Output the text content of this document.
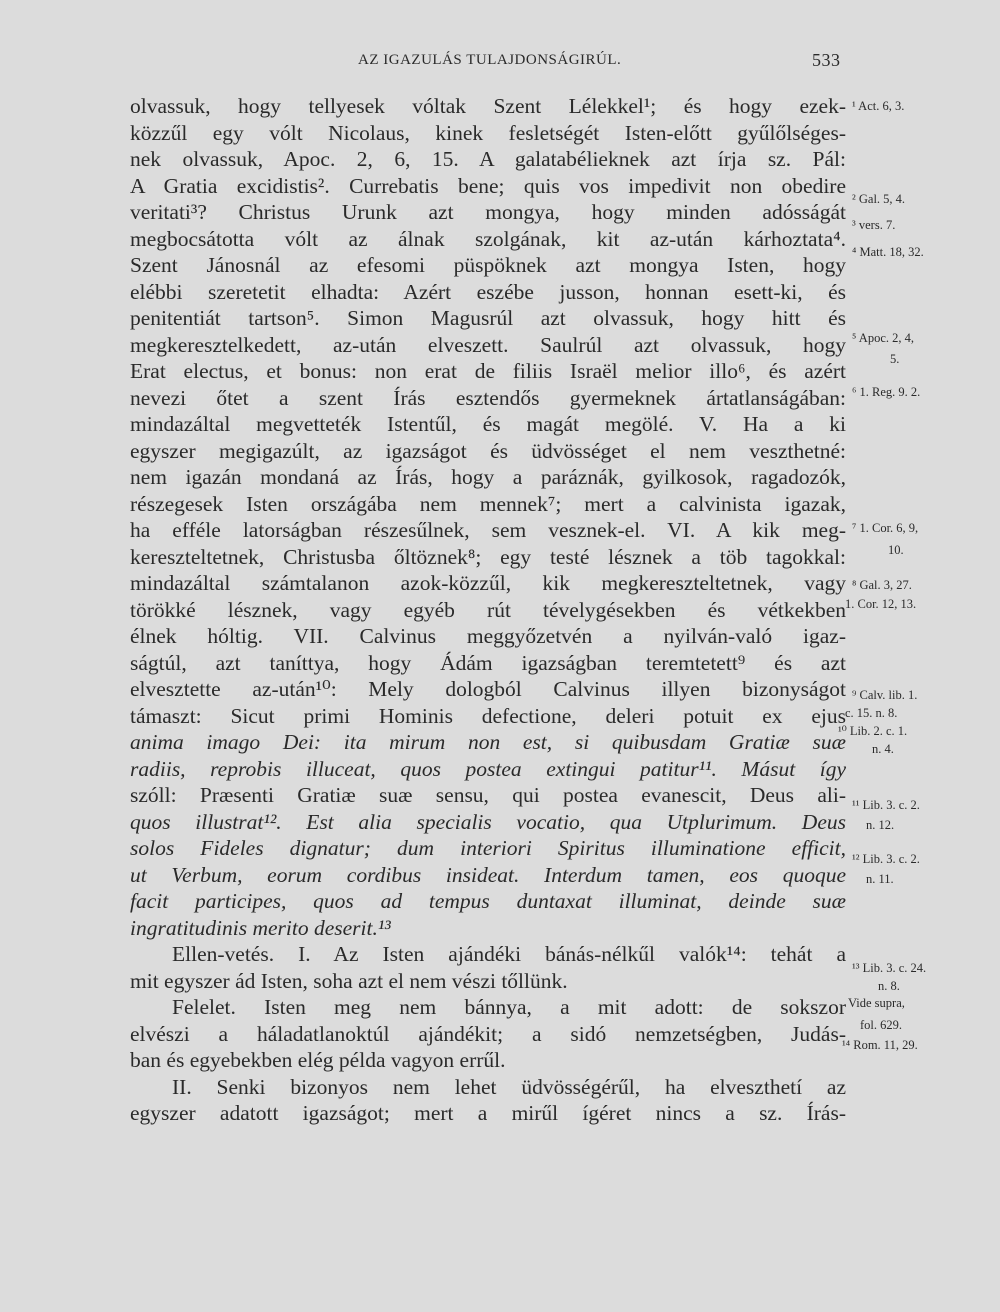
AZ IGAZULÁS TULAJDONSÁGIRÚL.	533
olvassuk, hogy tellyesek vóltak Szent Lélekkel¹; és hogy ezek-
közzűl egy vólt Nicolaus, kinek fesletségét Isten-előtt gyűlőlséges-
nek olvassuk, Apoc. 2, 6, 15. A galatabélieknek azt írja sz. Pál:
A Gratia excidistis². Currebatis bene; quis vos impedivit non obedire
veritati³? Christus Urunk azt mongya, hogy minden adósságát
megbocsátotta vólt az álnak szolgának, kit az-után kárhoztata⁴.
Szent Jánosnál az efesomi püspöknek azt mongya Isten, hogy
elébbi szeretetit elhadta: Azért eszébe jusson, honnan esett-ki, és
penitentiát tartson⁵. Simon Magusrúl azt olvassuk, hogy hitt és
megkeresztelkedett, az-után elveszett. Saulrúl azt olvassuk, hogy
Erat electus, et bonus: non erat de filiis Israël melior illo⁶, és azért
nevezi őtet a szent Írás esztendős gyermeknek ártatlanságában:
mindazáltal megvetteték Istentűl, és magát megölé. V. Ha a ki
egyszer megigazúlt, az igazságot és üdvösséget el nem veszthetné:
nem igazán mondaná az Írás, hogy a paráznák, gyilkosok, ragadozók,
részegesek Isten országába nem mennek⁷; mert a calvinista igazak,
ha efféle latorságban részesűlnek, sem vesznek-el. VI. A kik meg-
kereszteltetnek, Christusba őltöznek⁸; egy testé lésznek a töb tagokkal:
mindazáltal számtalanon azok-közzűl, kik megkereszteltetnek, vagy
törökké lésznek, vagy egyéb rút tévelygésekben és vétkekben
élnek hóltig. VII. Calvinus meggyőzetvén a nyilván-való igaz-
ságtúl, azt taníttya, hogy Ádám igazságban teremtetett⁹ és azt
elvesztette az-után¹⁰: Mely dologból Calvinus illyen bizonyságot
támaszt: Sicut primi Hominis defectione, deleri potuit ex ejus
anima imago Dei: ita mirum non est, si quibusdam Gratiæ suæ
radiis, reprobis illuceat, quos postea extingui patitur¹¹. Másut így
szóll: Præsenti Gratiæ suæ sensu, qui postea evanescit, Deus ali-
quos illustrat¹². Est alia specialis vocatio, qua Utplurimum. Deus
solos Fideles dignatur; dum interiori Spiritus illuminatione efficit,
ut Verbum, eorum cordibus insideat. Interdum tamen, eos quoque
facit participes, quos ad tempus duntaxat illuminat, deinde suæ
ingratitudinis merito deserit.¹³
Ellen-vetés. I. Az Isten ajándéki bánás-nélkűl valók¹⁴: tehát a
mit egyszer ád Isten, soha azt el nem vészi tőllünk.
Felelet. Isten meg nem bánnya, a mit adott: de sokszor
elvészi a háladatlanoktúl ajándékit; a sidó nemzetségben, Judás-
ban és egyebekben elég példa vagyon errűl.
II. Senki bizonyos nem lehet üdvösségérűl, ha elveszthetí az
egyszer adatott igazságot; mert a mirűl ígéret nincs a sz. Írás-
¹ Act. 6, 3.
² Gal. 5, 4.
³ vers. 7.
⁴ Matt. 18, 32.
⁵ Apoc. 2, 4,
5.
⁶ 1. Reg. 9. 2.
⁷ 1. Cor. 6, 9,
10.
⁸ Gal. 3, 27.
1. Cor. 12, 13.
⁹ Calv. lib. 1.
c. 15. n. 8.
¹⁰ Lib. 2. c. 1.
n. 4.
¹¹ Lib. 3. c. 2.
n. 12.
¹² Lib. 3. c. 2.
n. 11.
¹³ Lib. 3. c. 24.
n. 8.
Vide supra,
fol. 629.
¹⁴ Rom. 11, 29.
